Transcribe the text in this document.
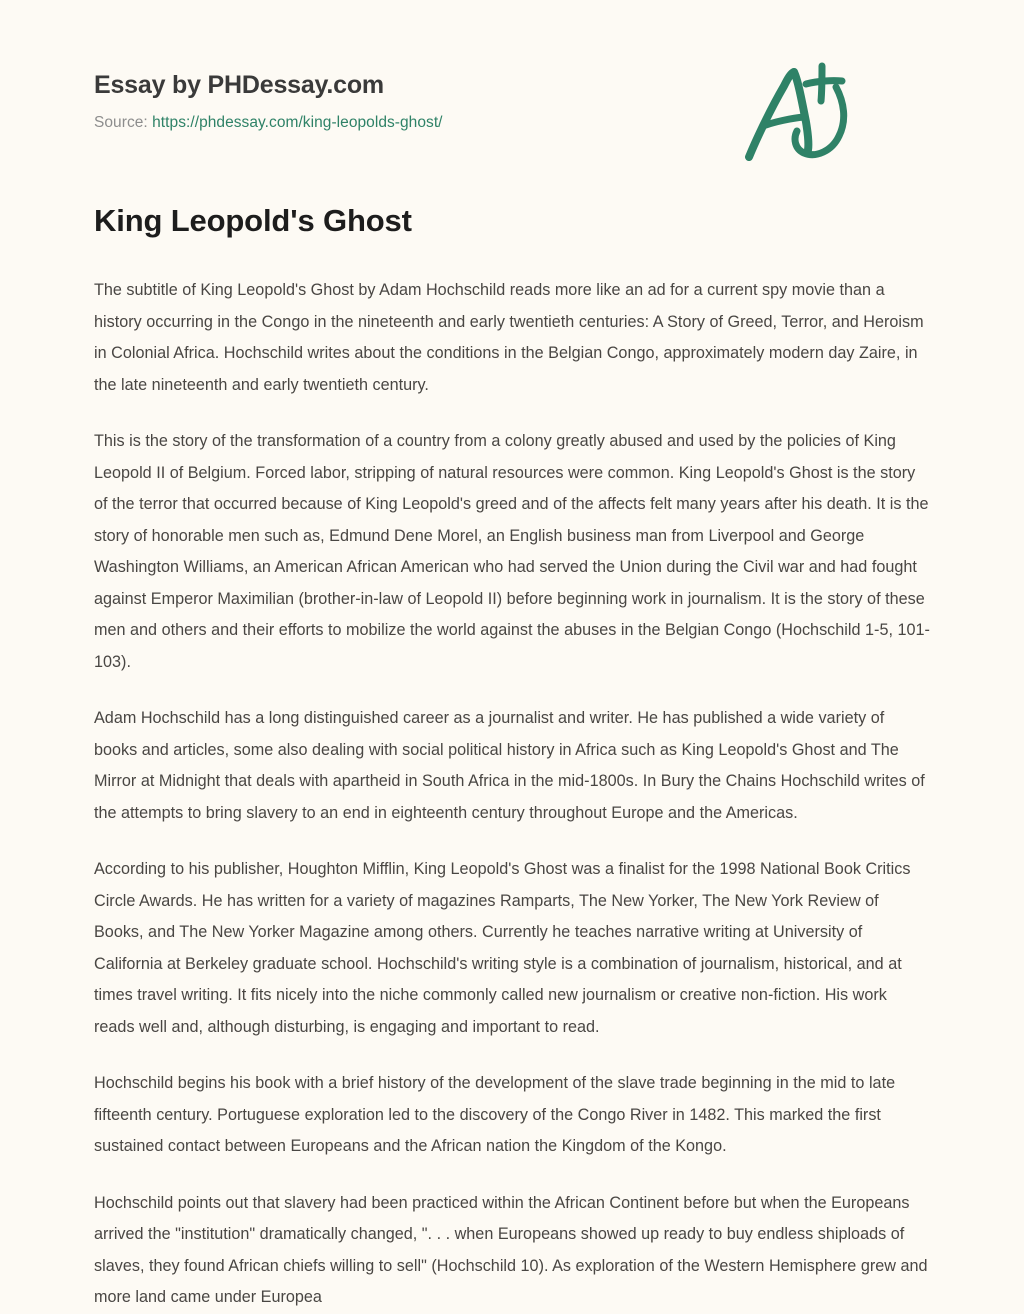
Essay by PHDessay.com
Source: https://phdessay.com/king-leopolds-ghost/
King Leopold's Ghost

The subtitle of King Leopold's Ghost by Adam Hochschild reads more like an ad for a current spy movie than a history occurring in the Congo in the nineteenth and early twentieth centuries: A Story of Greed, Terror, and Heroism in Colonial Africa. Hochschild writes about the conditions in the Belgian Congo, approximately modern day Zaire, in the late nineteenth and early twentieth century.

This is the story of the transformation of a country from a colony greatly abused and used by the policies of King Leopold II of Belgium. Forced labor, stripping of natural resources were common. King Leopold's Ghost is the story of the terror that occurred because of King Leopold's greed and of the affects felt many years after his death. It is the story of honorable men such as, Edmund Dene Morel, an English business man from Liverpool and George Washington Williams, an American African American who had served the Union during the Civil war and had fought against Emperor Maximilian (brother-in-law of Leopold II) before beginning work in journalism. It is the story of these men and others and their efforts to mobilize the world against the abuses in the Belgian Congo (Hochschild 1-5, 101-103).

Adam Hochschild has a long distinguished career as a journalist and writer. He has published a wide variety of books and articles, some also dealing with social political history in Africa such as King Leopold's Ghost and The Mirror at Midnight that deals with apartheid in South Africa in the mid-1800s. In Bury the Chains Hochschild writes of the attempts to bring slavery to an end in eighteenth century throughout Europe and the Americas.

According to his publisher, Houghton Mifflin, King Leopold's Ghost was a finalist for the 1998 National Book Critics Circle Awards. He has written for a variety of magazines Ramparts, The New Yorker, The New York Review of Books, and The New Yorker Magazine among others. Currently he teaches narrative writing at University of California at Berkeley graduate school. Hochschild's writing style is a combination of journalism, historical, and at times travel writing. It fits nicely into the niche commonly called new journalism or creative non-fiction. His work reads well and, although disturbing, is engaging and important to read.

Hochschild begins his book with a brief history of the development of the slave trade beginning in the mid to late fifteenth century. Portuguese exploration led to the discovery of the Congo River in 1482. This marked the first sustained contact between Europeans and the African nation the Kingdom of the Kongo.

Hochschild points out that slavery had been practiced within the African Continent before but when the Europeans arrived the "institution" dramatically changed, ". . . when Europeans showed up ready to buy endless shiploads of slaves, they found African chiefs willing to sell" (Hochschild 10). As exploration of the Western Hemisphere grew and more land came under Europea
